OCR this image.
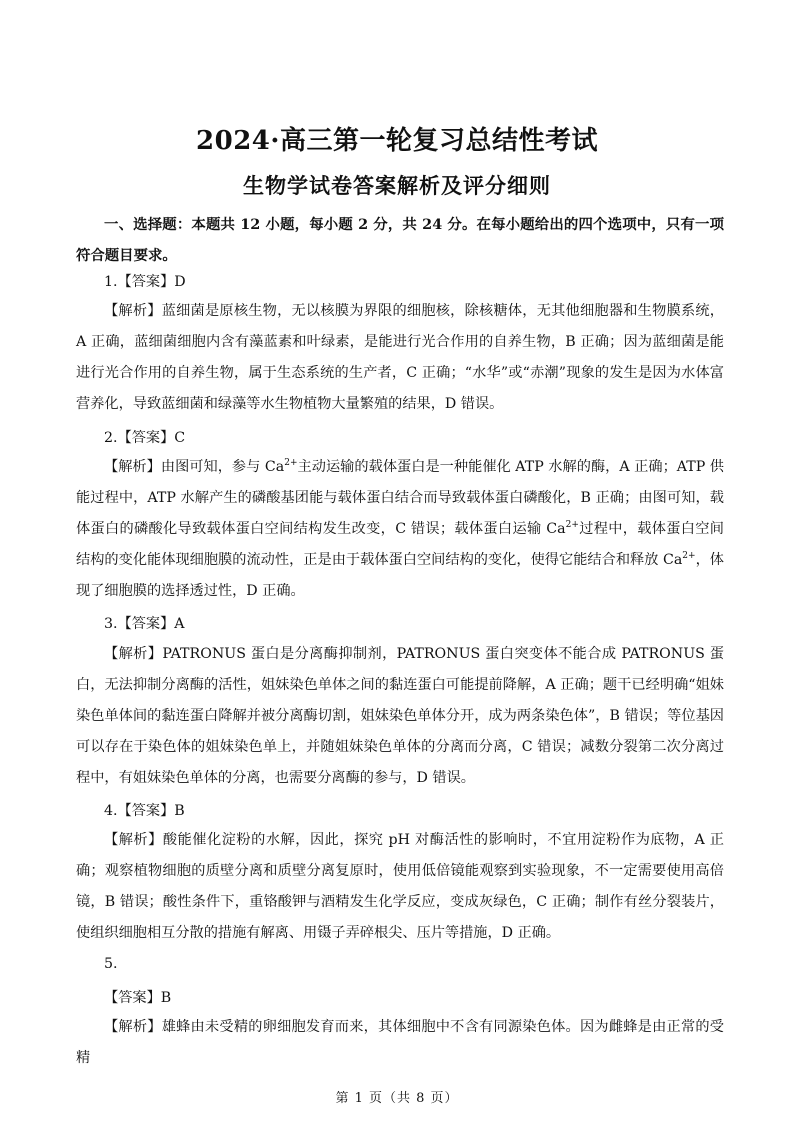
2024·高三第一轮复习总结性考试
生物学试卷答案解析及评分细则
一、选择题：本题共 12 小题，每小题 2 分，共 24 分。在每小题给出的四个选项中，只有一项符合题目要求。
1.【答案】D
【解析】蓝细菌是原核生物，无以核膜为界限的细胞核，除核糖体，无其他细胞器和生物膜系统，A 正确，蓝细菌细胞内含有藻蓝素和叶绿素，是能进行光合作用的自养生物，B 正确；因为蓝细菌是能进行光合作用的自养生物，属于生态系统的生产者，C 正确；“水华”或“赤潮”现象的发生是因为水体富营养化，导致蓝细菌和绿藻等水生物植物大量繁殖的结果，D 错误。
2.【答案】C
【解析】由图可知，参与 $Ca^{2+}$主动运输的载体蛋白是一种能催化 ATP 水解的酶，A 正确；ATP 供能过程中，ATP 水解产生的磷酸基团能与载体蛋白结合而导致载体蛋白磷酸化，B 正确；由图可知，载体蛋白的磷酸化导致载体蛋白空间结构发生改变，C 错误；载体蛋白运输 $Ca^{2+}$过程中，载体蛋白空间结构的变化能体现细胞膜的流动性，正是由于载体蛋白空间结构的变化，使得它能结合和释放 $Ca^{2+}$，体现了细胞膜的选择透过性，D 正确。
3.【答案】A
【解析】PATRONUS 蛋白是分离酶抑制剂，PATRONUS 蛋白突变体不能合成 PATRONUS 蛋白，无法抑制分离酶的活性，姐妹染色单体之间的黏连蛋白可能提前降解，A 正确；题干已经明确“姐妹染色单体间的黏连蛋白降解并被分离酶切割，姐妹染色单体分开，成为两条染色体”，B 错误；等位基因可以存在于染色体的姐妹染色单上，并随姐妹染色单体的分离而分离，C 错误；减数分裂第二次分离过程中，有姐妹染色单体的分离，也需要分离酶的参与，D 错误。
4.【答案】B
【解析】酸能催化淀粉的水解，因此，探究 pH 对酶活性的影响时，不宜用淀粉作为底物，A 正确；观察植物细胞的质壁分离和质壁分离复原时，使用低倍镜能观察到实验现象，不一定需要使用高倍镜，B 错误；酸性条件下，重铬酸钾与酒精发生化学反应，变成灰绿色，C 正确；制作有丝分裂装片，使组织细胞相互分散的措施有解离、用镊子弄碎根尖、压片等措施，D 正确。
5.
【答案】B
【解析】雄蜂由未受精的卵细胞发育而来，其体细胞中不含有同源染色体。因为雌蜂是由正常的受精
第 1 页（共 8 页）
